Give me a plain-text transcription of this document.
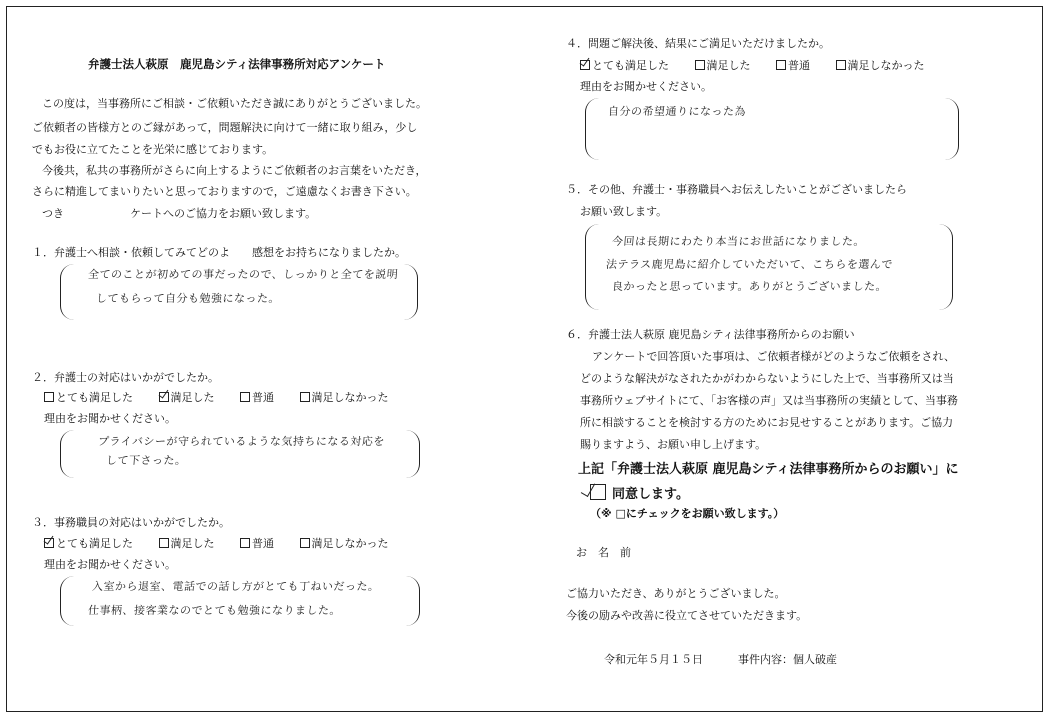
弁護士法人萩原　鹿児島シティ法律事務所対応アンケート
この度は，当事務所にご相談・ご依頼いただき誠にありがとうございました。
ご依頼者の皆様方とのご縁があって，問題解決に向けて一緒に取り組み，少し
でもお役に立てたことを光栄に感じております。
今後共，私共の事務所がさらに向上するようにご依頼者のお言葉をいただき，
さらに精進してまいりたいと思っておりますので，ご遠慮なくお書き下さい。
つき　　　　　　ケートへのご協力をお願い致します。
１．弁護士へ相談・依頼してみてどのよ　　感想をお持ちになりましたか。
全てのことが初めての事だったので、しっかりと全てを説明
してもらって自分も勉強になった。
２．弁護士の対応はいかがでしたか。
とても満足した	満足した	普通	満足しなかった
理由をお聞かせください。
プライバシーが守られているような気持ちになる対応を
して下さった。
３．事務職員の対応はいかがでしたか。
とても満足した	満足した	普通	満足しなかった
理由をお聞かせください。
入室から退室、電話での話し方がとても丁ねいだった。
仕事柄、接客業なのでとても勉強になりました。
４．問題ご解決後、結果にご満足いただけましたか。
とても満足した	満足した	普通	満足しなかった
理由をお聞かせください。
自分の希望通りになった為
５．その他、弁護士・事務職員へお伝えしたいことがございましたら
お願い致します。
今回は長期にわたり本当にお世話になりました。
法テラス鹿児島に紹介していただいて、こちらを選んで
良かったと思っています。ありがとうございました。
６．弁護士法人萩原 鹿児島シティ法律事務所からのお願い
アンケートで回答頂いた事項は、ご依頼者様がどのようなご依頼をされ、
どのような解決がなされたかがわからないようにした上で、当事務所又は当
事務所ウェブサイトにて、「お客様の声」又は当事務所の実績として、当事務
所に相談することを検討する方のためにお見せすることがあります。ご協力
賜りますよう、お願い申し上げます。
上記「弁護士法人萩原 鹿児島シティ法律事務所からのお願い」に
同意します。
（※ □にチェックをお願い致します。）
お　名　前
ご協力いただき、ありがとうございました。
今後の励みや改善に役立てさせていただきます。
令和元年５月１５日	事件内容：個人破産
